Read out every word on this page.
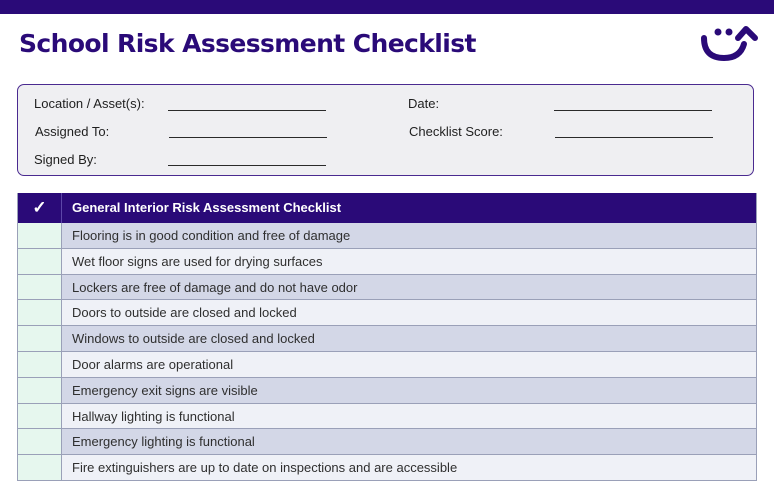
School Risk Assessment Checklist
Location / Asset(s):
Assigned To:
Signed By:
Date:
Checklist Score:
✓	General Interior Risk Assessment Checklist
Flooring is in good condition and free of damage
Wet floor signs are used for drying surfaces
Lockers are free of damage and do not have odor
Doors to outside are closed and locked
Windows to outside are closed and locked
Door alarms are operational
Emergency exit signs are visible
Hallway lighting is functional
Emergency lighting is functional
Fire extinguishers are up to date on inspections and are accessible
